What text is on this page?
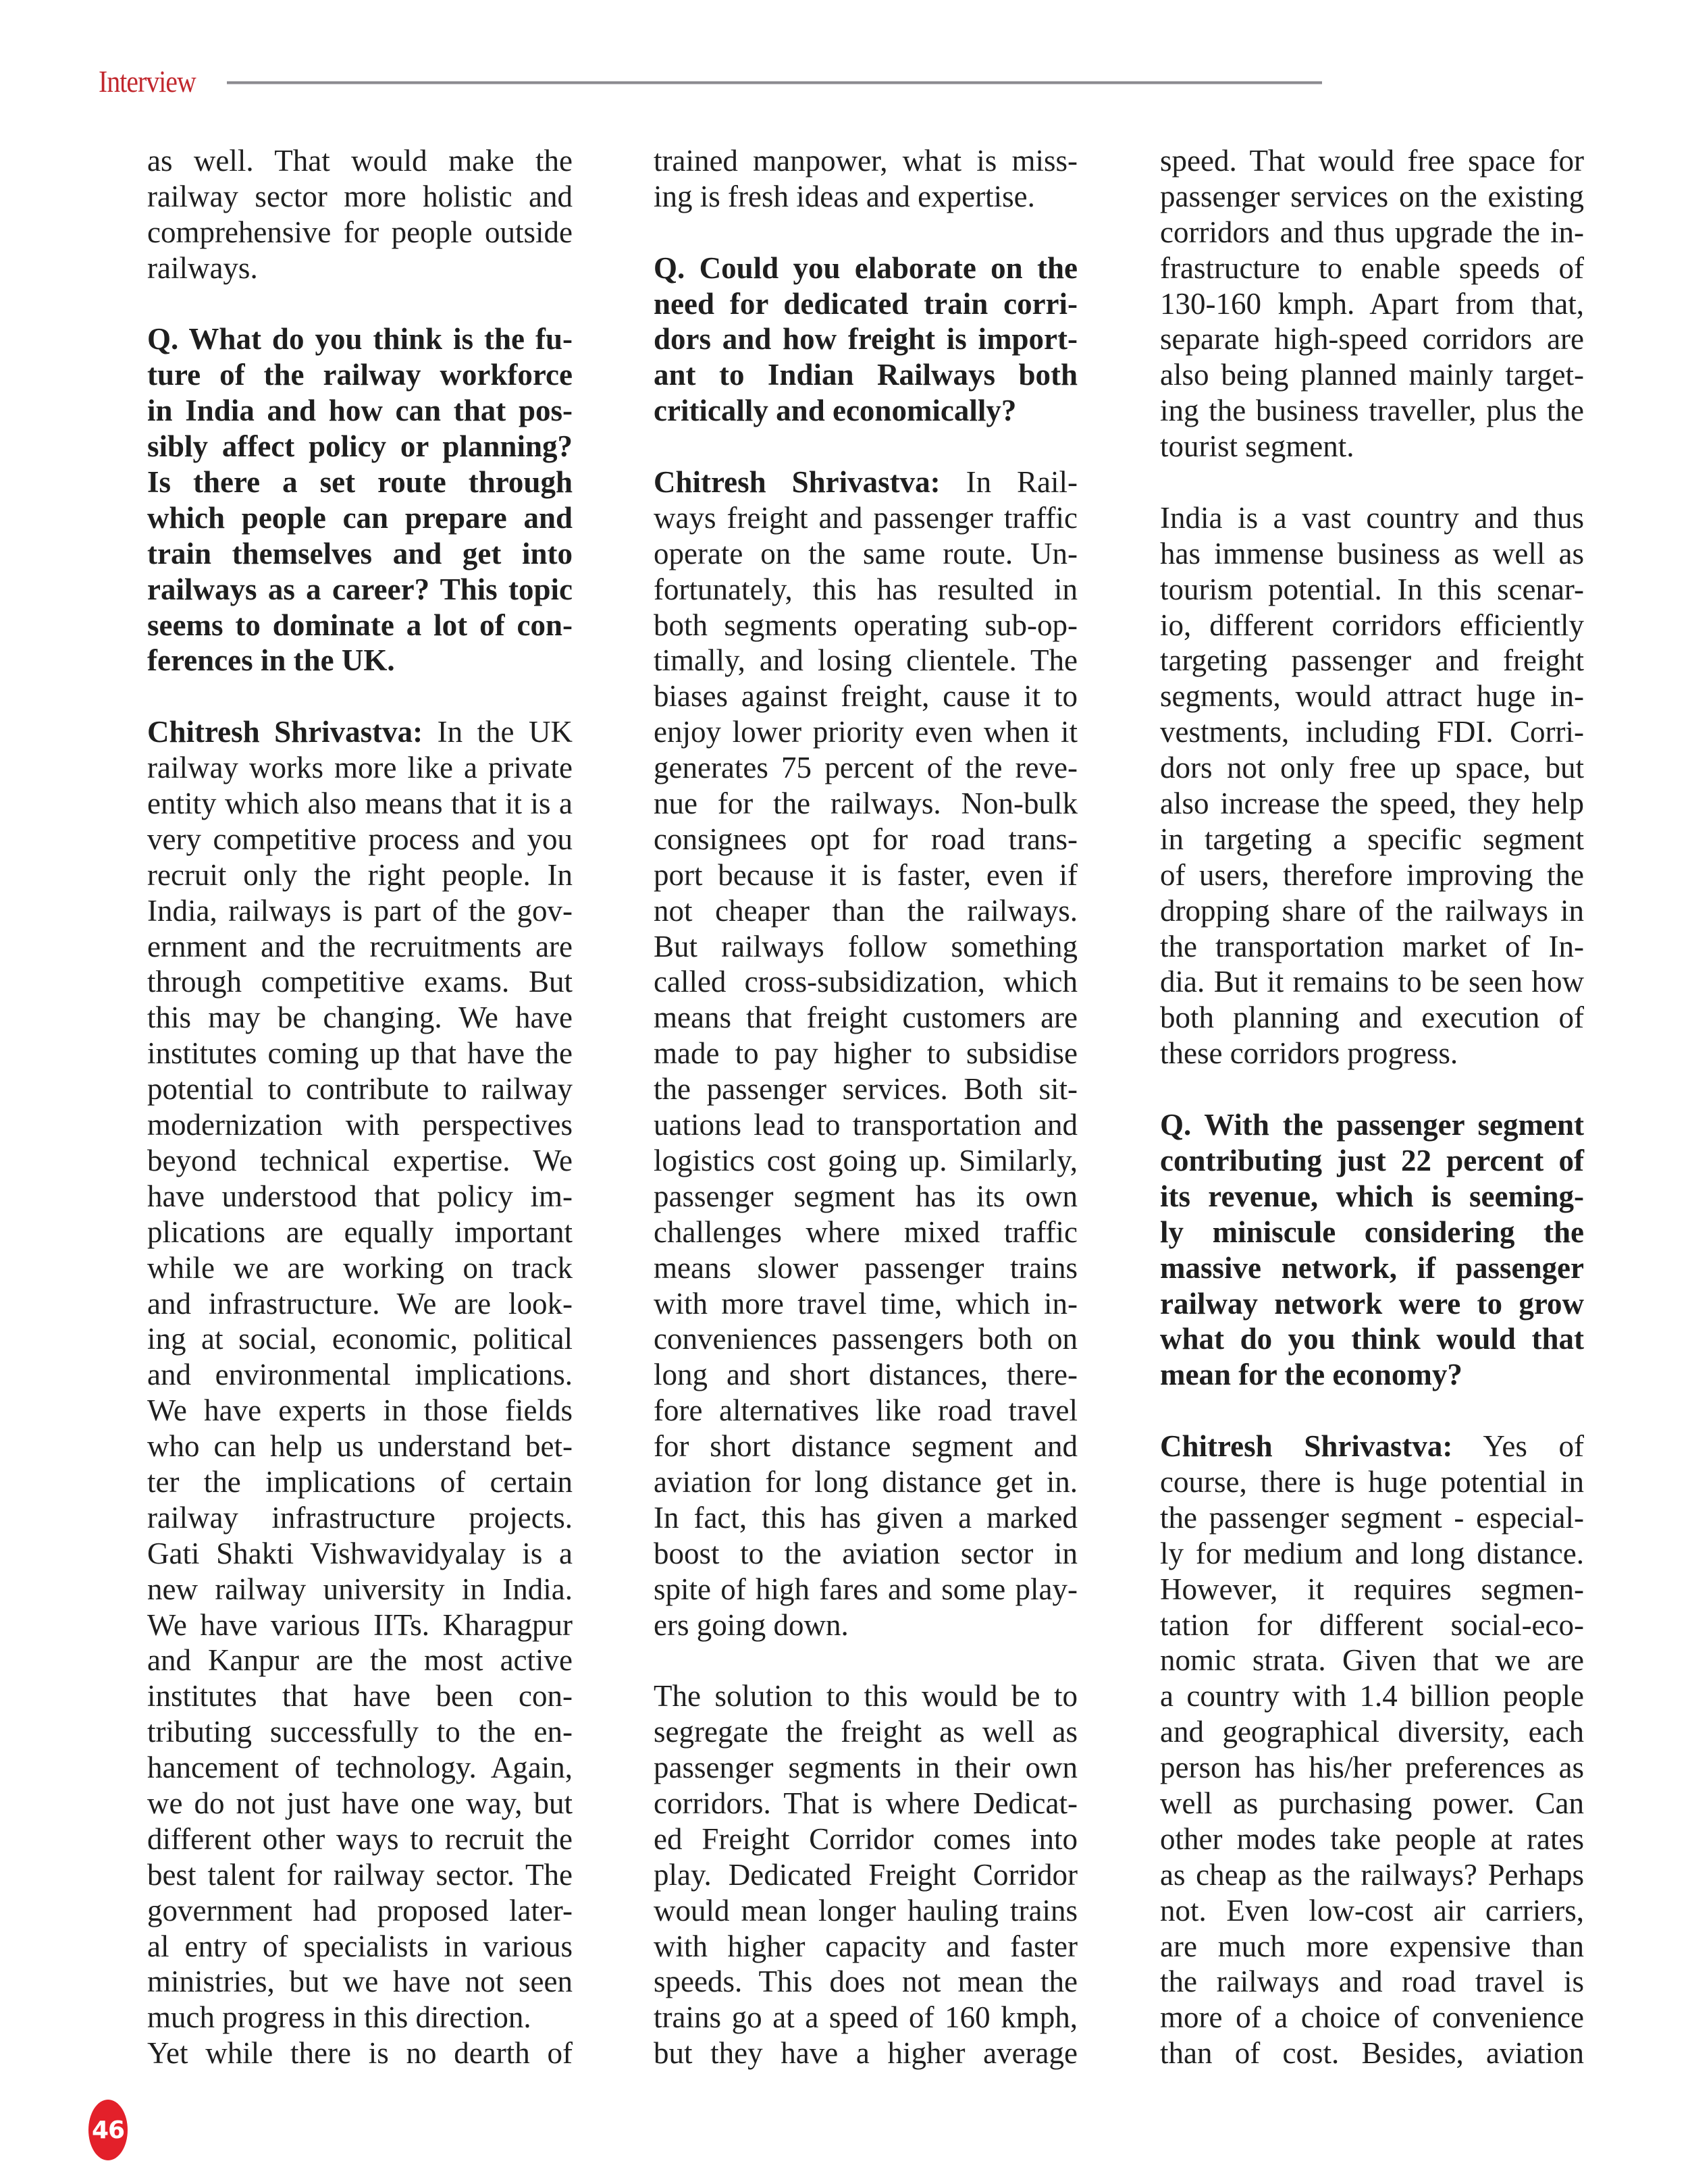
Interview
as well. That would make the
railway sector more holistic and
comprehensive for people outside
railways.
Q. What do you think is the fu-
ture of the railway workforce
in India and how can that pos-
sibly affect policy or planning?
Is there a set route through
which people can prepare and
train themselves and get into
railways as a career? This topic
seems to dominate a lot of con-
ferences in the UK.
Chitresh Shrivastva: In the UK
railway works more like a private
entity which also means that it is a
very competitive process and you
recruit only the right people. In
India, railways is part of the gov-
ernment and the recruitments are
through competitive exams. But
this may be changing. We have
institutes coming up that have the
potential to contribute to railway
modernization with perspectives
beyond technical expertise. We
have understood that policy im-
plications are equally important
while we are working on track
and infrastructure. We are look-
ing at social, economic, political
and environmental implications.
We have experts in those fields
who can help us understand bet-
ter the implications of certain
railway infrastructure projects.
Gati Shakti Vishwavidyalay is a
new railway university in India.
We have various IITs. Kharagpur
and Kanpur are the most active
institutes that have been con-
tributing successfully to the en-
hancement of technology. Again,
we do not just have one way, but
different other ways to recruit the
best talent for railway sector. The
government had proposed later-
al entry of specialists in various
ministries, but we have not seen
much progress in this direction.
Yet while there is no dearth of
trained manpower, what is miss-
ing is fresh ideas and expertise.
Q. Could you elaborate on the
need for dedicated train corri-
dors and how freight is import-
ant to Indian Railways both
critically and economically?
Chitresh Shrivastva: In Rail-
ways freight and passenger traffic
operate on the same route. Un-
fortunately, this has resulted in
both segments operating sub-op-
timally, and losing clientele. The
biases against freight, cause it to
enjoy lower priority even when it
generates 75 percent of the reve-
nue for the railways. Non-bulk
consignees opt for road trans-
port because it is faster, even if
not cheaper than the railways.
But railways follow something
called cross-subsidization, which
means that freight customers are
made to pay higher to subsidise
the passenger services. Both sit-
uations lead to transportation and
logistics cost going up. Similarly,
passenger segment has its own
challenges where mixed traffic
means slower passenger trains
with more travel time, which in-
conveniences passengers both on
long and short distances, there-
fore alternatives like road travel
for short distance segment and
aviation for long distance get in.
In fact, this has given a marked
boost to the aviation sector in
spite of high fares and some play-
ers going down.
The solution to this would be to
segregate the freight as well as
passenger segments in their own
corridors. That is where Dedicat-
ed Freight Corridor comes into
play. Dedicated Freight Corridor
would mean longer hauling trains
with higher capacity and faster
speeds. This does not mean the
trains go at a speed of 160 kmph,
but they have a higher average
speed. That would free space for
passenger services on the existing
corridors and thus upgrade the in-
frastructure to enable speeds of
130-160 kmph. Apart from that,
separate high-speed corridors are
also being planned mainly target-
ing the business traveller, plus the
tourist segment.
India is a vast country and thus
has immense business as well as
tourism potential. In this scenar-
io, different corridors efficiently
targeting passenger and freight
segments, would attract huge in-
vestments, including FDI. Corri-
dors not only free up space, but
also increase the speed, they help
in targeting a specific segment
of users, therefore improving the
dropping share of the railways in
the transportation market of In-
dia. But it remains to be seen how
both planning and execution of
these corridors progress.
Q. With the passenger segment
contributing just 22 percent of
its revenue, which is seeming-
ly miniscule considering the
massive network, if passenger
railway network were to grow
what do you think would that
mean for the economy?
Chitresh Shrivastva: Yes of
course, there is huge potential in
the passenger segment - especial-
ly for medium and long distance.
However, it requires segmen-
tation for different social-eco-
nomic strata. Given that we are
a country with 1.4 billion people
and geographical diversity, each
person has his/her preferences as
well as purchasing power. Can
other modes take people at rates
as cheap as the railways? Perhaps
not. Even low-cost air carriers,
are much more expensive than
the railways and road travel is
more of a choice of convenience
than of cost. Besides, aviation
46
